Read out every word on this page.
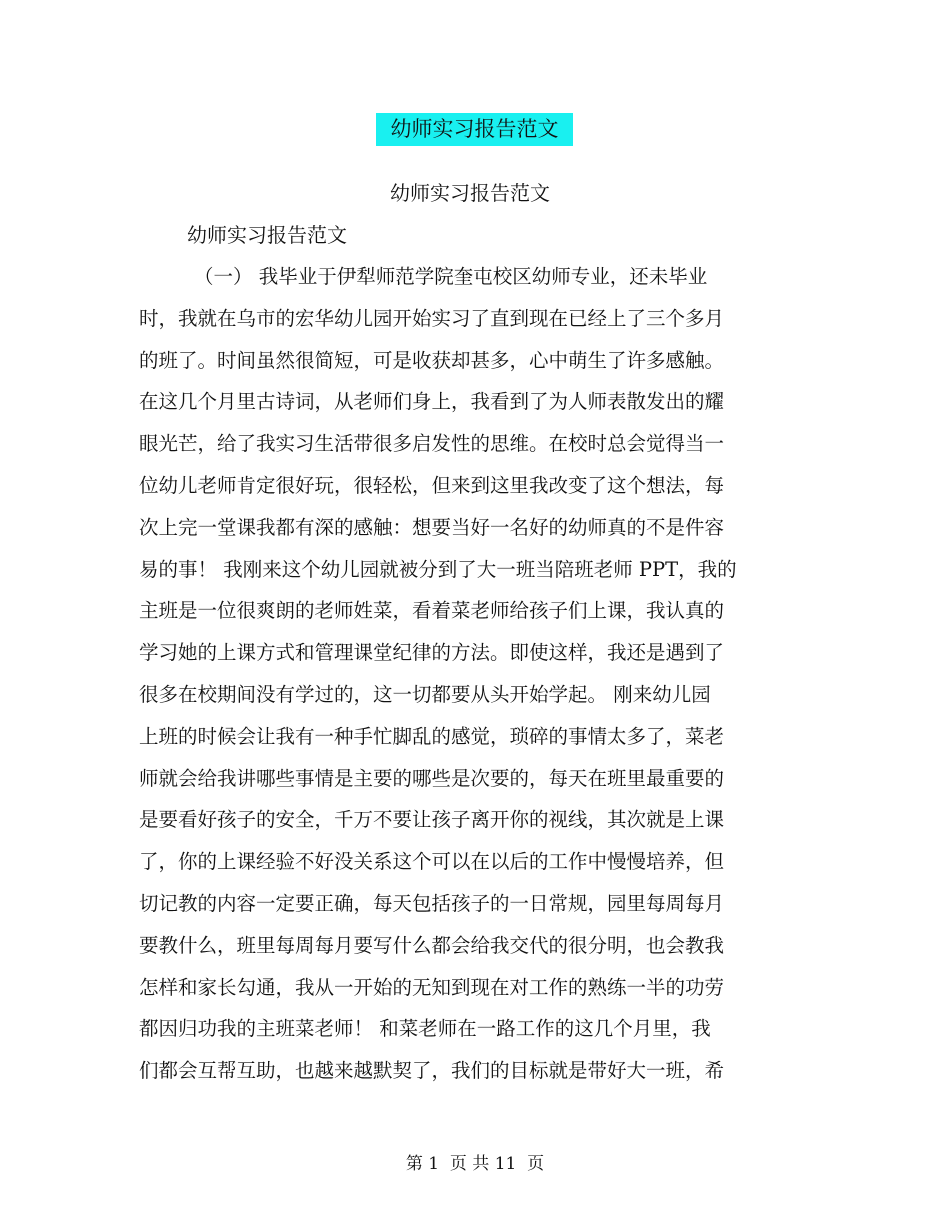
幼师实习报告范文
幼师实习报告范文
幼师实习报告范文
（一） 我毕业于伊犁师范学院奎屯校区幼师专业，还未毕业
时，我就在乌市的宏华幼儿园开始实习了直到现在已经上了三个多月
的班了。时间虽然很简短，可是收获却甚多，心中萌生了许多感触。
在这几个月里古诗词，从老师们身上，我看到了为人师表散发出的耀
眼光芒，给了我实习生活带很多启发性的思维。在校时总会觉得当一
位幼儿老师肯定很好玩，很轻松，但来到这里我改变了这个想法，每
次上完一堂课我都有深的感触：想要当好一名好的幼师真的不是件容
易的事！ 我刚来这个幼儿园就被分到了大一班当陪班老师 PPT，我的
主班是一位很爽朗的老师姓菜，看着菜老师给孩子们上课，我认真的
学习她的上课方式和管理课堂纪律的方法。即使这样，我还是遇到了
很多在校期间没有学过的，这一切都要从头开始学起。 刚来幼儿园
上班的时候会让我有一种手忙脚乱的感觉，琐碎的事情太多了，菜老
师就会给我讲哪些事情是主要的哪些是次要的，每天在班里最重要的
是要看好孩子的安全，千万不要让孩子离开你的视线，其次就是上课
了，你的上课经验不好没关系这个可以在以后的工作中慢慢培养，但
切记教的内容一定要正确，每天包括孩子的一日常规，园里每周每月
要教什么，班里每周每月要写什么都会给我交代的很分明，也会教我
怎样和家长勾通，我从一开始的无知到现在对工作的熟练一半的功劳
都因归功我的主班菜老师！ 和菜老师在一路工作的这几个月里，我
们都会互帮互助，也越来越默契了，我们的目标就是带好大一班，希
第 1  页 共 11  页
